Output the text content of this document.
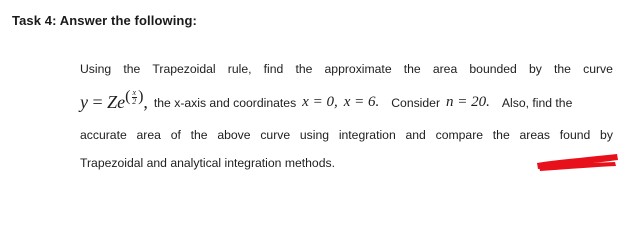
Task 4: Answer the following:
Using the Trapezoidal rule, find the approximate the area bounded by the curve
y = Ze ( $\frac{x}{2}$ ) , the x-axis and coordinates x = 0, x = 6. Consider n = 20. Also, find the
accurate area of the above curve using integration and compare the areas found by
Trapezoidal and analytical integration methods.
